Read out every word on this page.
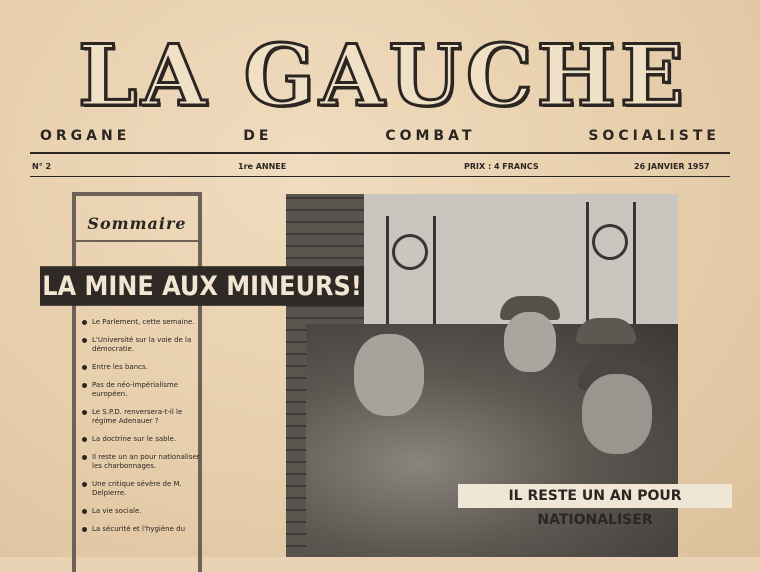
LA GAUCHE
ORGANE	DE	COMBAT	SOCIALISTE
N° 2	1re ANNEE	PRIX : 4 FRANCS	26 JANVIER 1957
Sommaire
Le Parlement, cette semaine.
L'Université sur la voie de la démocratie.
Entre les bancs.
Pas de néo-impérialisme européen.
Le S.P.D. renversera-t-il le régime Adenauer ?
La doctrine sur le sable.
Il reste un an pour nationaliser les charbonnages.
Une critique sévère de M. Delpierre.
La vie sociale.
La sécurité et l'hygiène du
LA MINE AUX MINEURS!
IL RESTE UN AN POUR NATIONALISER
